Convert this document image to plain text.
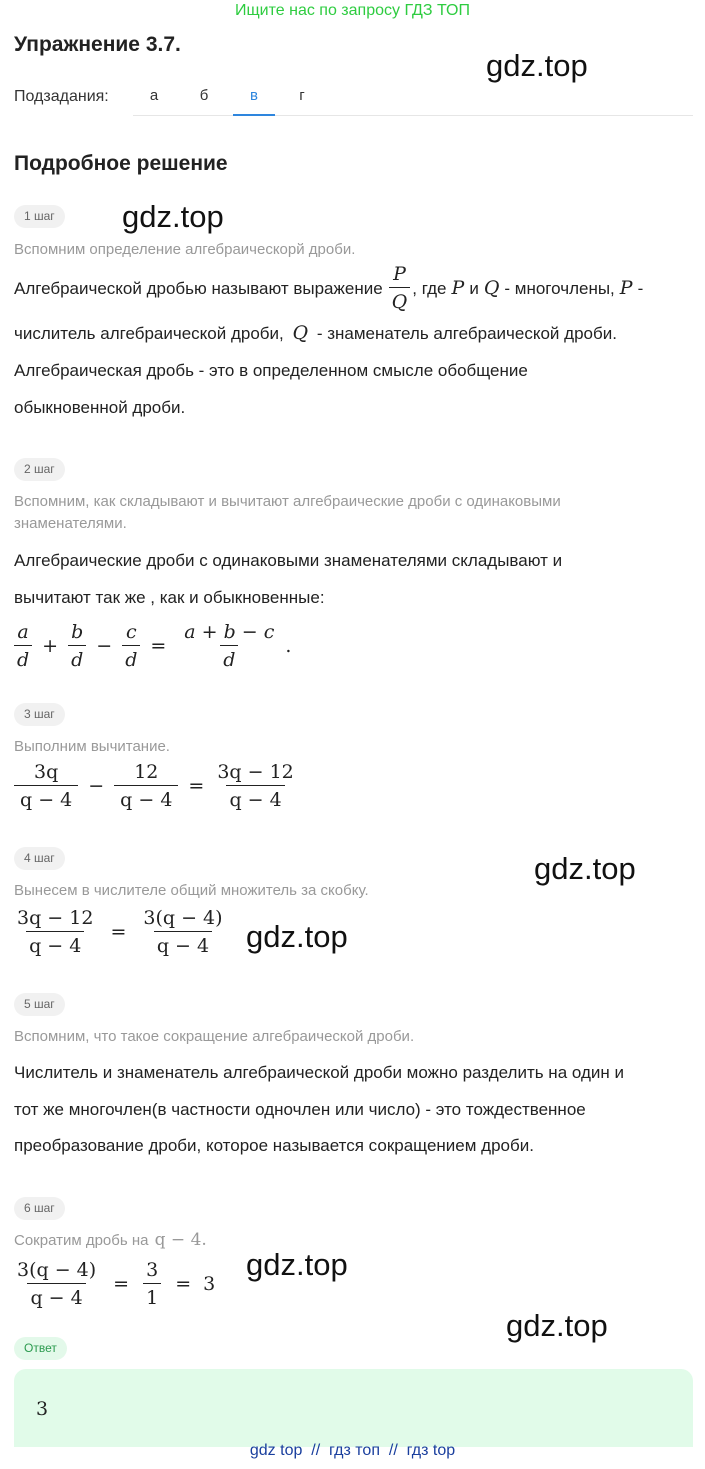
Ищите нас по запросу ГДЗ ТОП
Упражнение 3.7.
gdz.top
Подзадания:	а	б	в	г
Подробное решение
1 шаг	gdz.top
Вспомним определение алгебраическорй дроби.
Алгебраической дробью называют выражение $\frac{P}{Q}$ , где P и Q - многочлены, P -
числитель алгебраической дроби, Q - знаменатель алгебраической дроби.
Алгебраическая дробь - это в определенном смысле обобщение
обыкновенной дроби.
2 шаг
Вспомним, как складывают и вычитают алгебраические дроби с одинаковыми
знаменателями.
Алгебраические дроби с одинаковыми знаменателями складывают и
вычитают так же , как и обыкновенные:
$\frac{a}{d} + \frac{b}{d} - \frac{c}{d} = \frac{a + b - c}{d}$ .
3 шаг
Выполним вычитание.
$\frac{3q}{q - 4} - \frac{12}{q - 4} = \frac{3q - 12}{q - 4}$
4 шаг	gdz.top
Вынесем в числителе общий множитель за скобку.
$\frac{3q - 12}{q - 4} = \frac{3(q - 4)}{q - 4} gdz.top$
5 шаг
Вспомним, что такое сокращение алгебраической дроби.
Числитель и знаменатель алгебраической дроби можно разделить на один и
тот же многочлен(в частности одночлен или число) - это тождественное
преобразование дроби, которое называется сокращением дроби.
6 шаг
Сократим дробь на q − 4.
$\frac{3(q - 4)}{q - 4} = \frac{3}{1} = 3$
gdz.top
gdz.top
Ответ
3
gdz top  //  гдз топ  //  гдз top
